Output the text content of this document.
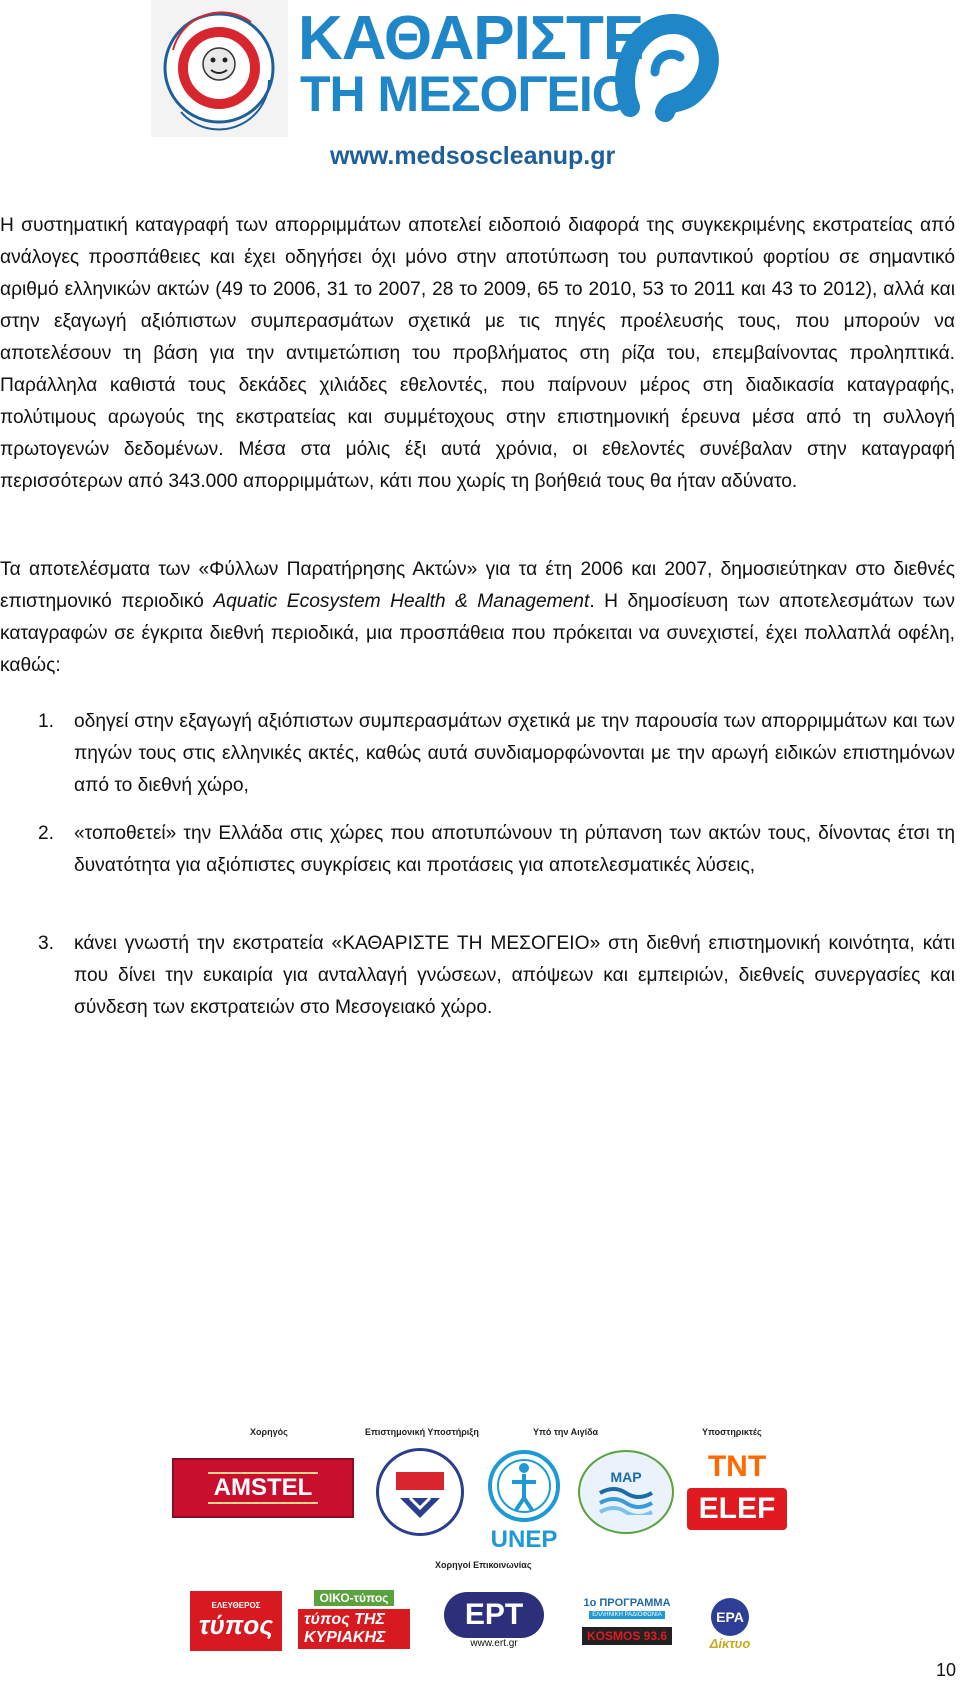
ΚΑΘΑΡΙΣΤΕ
ΤΗ ΜΕΣΟΓΕΙΟ
www.medsoscleanup.gr

Η συστηματική καταγραφή των απορριμμάτων αποτελεί ειδοποιό διαφορά της συγκεκριμένης εκστρατείας από ανάλογες προσπάθειες και έχει οδηγήσει όχι μόνο στην αποτύπωση του ρυπαντικού φορτίου σε σημαντικό αριθμό ελληνικών ακτών (49 το 2006, 31 το 2007, 28 το 2009, 65 το 2010, 53 το 2011 και 43 το 2012), αλλά και στην εξαγωγή αξιόπιστων συμπερασμάτων σχετικά με τις πηγές προέλευσής τους, που μπορούν να αποτελέσουν τη βάση για την αντιμετώπιση του προβλήματος στη ρίζα του, επεμβαίνοντας προληπτικά. Παράλληλα καθιστά τους δεκάδες χιλιάδες εθελοντές, που παίρνουν μέρος στη διαδικασία καταγραφής, πολύτιμους αρωγούς της εκστρατείας και συμμέτοχους στην επιστημονική έρευνα μέσα από τη συλλογή πρωτογενών δεδομένων. Μέσα στα μόλις έξι αυτά χρόνια, οι εθελοντές συνέβαλαν στην καταγραφή περισσότερων από 343.000 απορριμμάτων, κάτι που χωρίς τη βοήθειά τους θα ήταν αδύνατο.

Τα αποτελέσματα των «Φύλλων Παρατήρησης Ακτών» για τα έτη 2006 και 2007, δημοσιεύτηκαν στο διεθνές επιστημονικό περιοδικό Aquatic Ecosystem Health & Management. Η δημοσίευση των αποτελεσμάτων των καταγραφών σε έγκριτα διεθνή περιοδικά, μια προσπάθεια που πρόκειται να συνεχιστεί, έχει πολλαπλά οφέλη, καθώς:

1. οδηγεί στην εξαγωγή αξιόπιστων συμπερασμάτων σχετικά με την παρουσία των απορριμμάτων και των πηγών τους στις ελληνικές ακτές, καθώς αυτά συνδιαμορφώνονται με την αρωγή ειδικών επιστημόνων από το διεθνή χώρο,
2. «τοποθετεί» την Ελλάδα στις χώρες που αποτυπώνουν τη ρύπανση των ακτών τους, δίνοντας έτσι τη δυνατότητα για αξιόπιστες συγκρίσεις και προτάσεις για αποτελεσματικές λύσεις,
3. κάνει γνωστή την εκστρατεία «ΚΑΘΑΡΙΣΤΕ ΤΗ ΜΕΣΟΓΕΙΟ» στη διεθνή επιστημονική κοινότητα, κάτι που δίνει την ευκαιρία για ανταλλαγή γνώσεων, απόψεων και εμπειριών, διεθνείς συνεργασίες και σύνδεση των εκστρατειών στο Μεσογειακό χώρο.
Χορηγός	Επιστημονική Υποστήριξη	Υπό την Αιγίδα	Υποστηρικτές
AMSTEL
UNEP
MAP TNT
ELEF
Χορηγοί Επικοινωνίας
ΕΛΕΥΘΕΡΟΣ
τύπος
ΟΙΚΟ-τύπος
τύπος ΤΗΣ ΚΥΡΙΑΚΗΣ
ΕΡΤ
www.ert.gr
1ο ΠΡΟΓΡΑΜΜΑ
ΕΛΛΗΝΙΚΗ ΡΑΔΙΟΦΩΝΙΑ
KOSMOS 93.6
ΕΡΑ
Δίκτυο
10
